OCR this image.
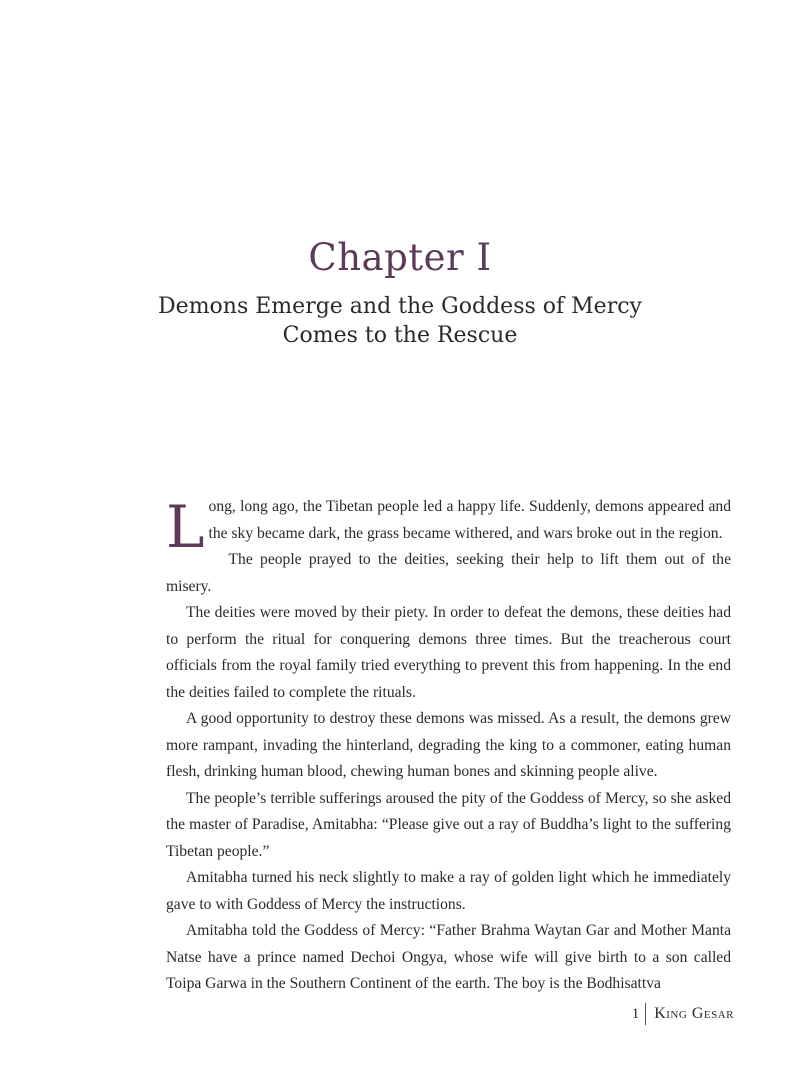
Chapter I
Demons Emerge and the Goddess of Mercy
Comes to the Rescue

Long, long ago, the Tibetan people led a happy life. Suddenly, demons appeared and the sky became dark, the grass became withered, and wars broke out in the region.

The people prayed to the deities, seeking their help to lift them out of the misery.

The deities were moved by their piety. In order to defeat the demons, these deities had to perform the ritual for conquering demons three times. But the treacherous court officials from the royal family tried everything to prevent this from happening. In the end the deities failed to complete the rituals.

A good opportunity to destroy these demons was missed. As a result, the demons grew more rampant, invading the hinterland, degrading the king to a commoner, eating human flesh, drinking human blood, chewing human bones and skinning people alive.

The people’s terrible sufferings aroused the pity of the Goddess of Mercy, so she asked the master of Paradise, Amitabha: “Please give out a ray of Buddha’s light to the suffering Tibetan people.”

Amitabha turned his neck slightly to make a ray of golden light which he immediately gave to with Goddess of Mercy the instructions.

Amitabha told the Goddess of Mercy: “Father Brahma Waytan Gar and Mother Manta Natse have a prince named Dechoi Ongya, whose wife will give birth to a son called Toipa Garwa in the Southern Continent of the earth. The boy is the Bodhisattva

1 King Gesar
